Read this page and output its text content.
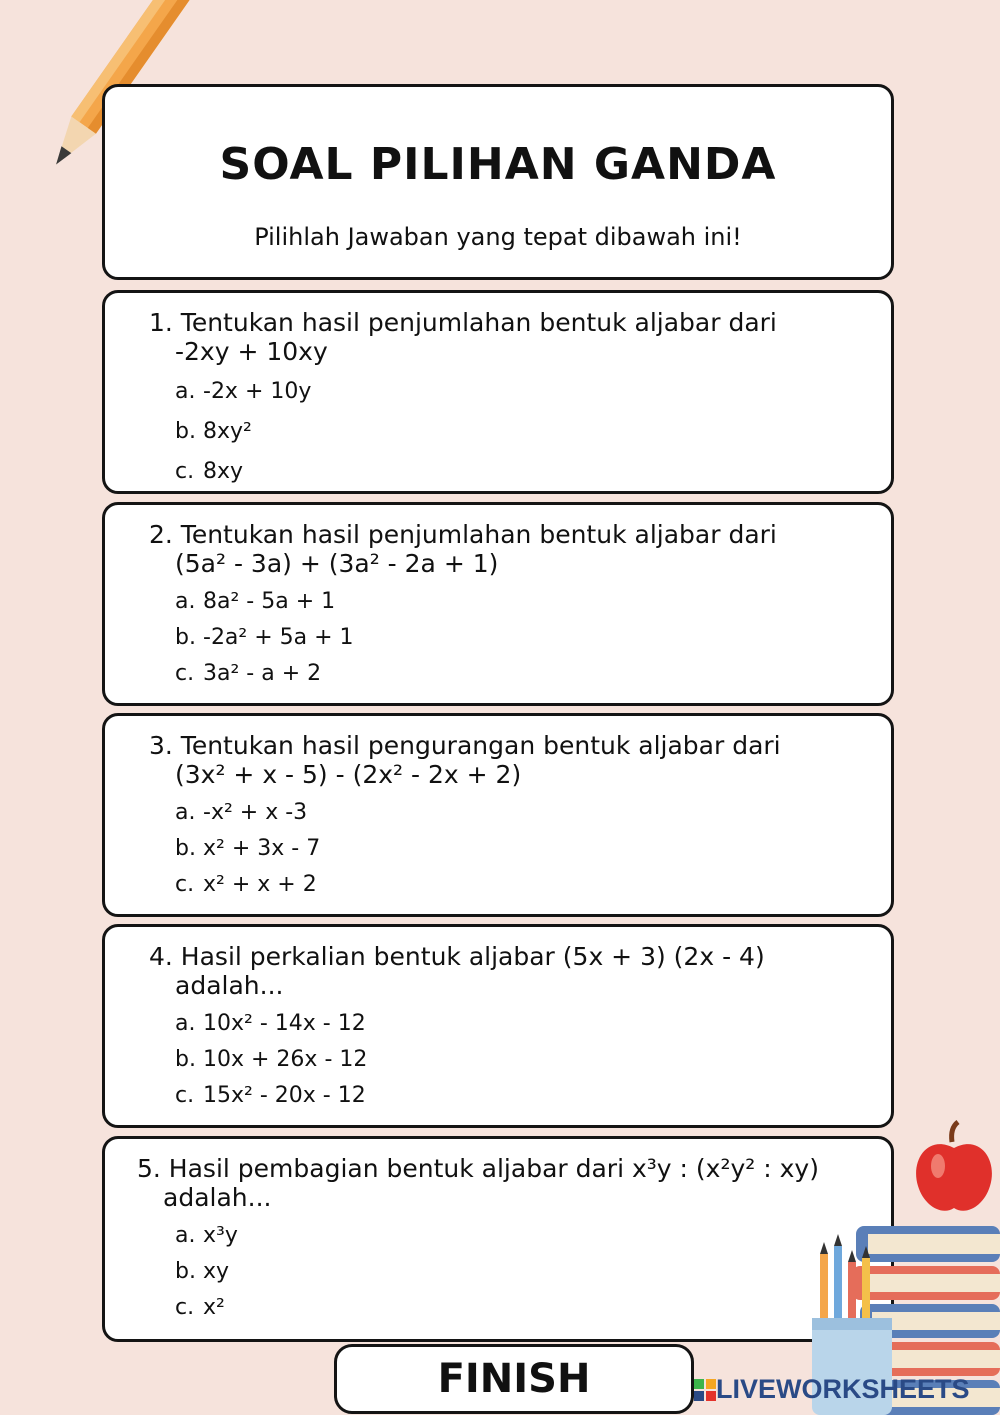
SOAL PILIHAN GANDA
Pilihlah Jawaban yang tepat dibawah ini!
1. Tentukan hasil penjumlahan bentuk aljabar dari
-2xy + 10xy
a. -2x + 10y
b. 8xy²
c. 8xy
2. Tentukan hasil penjumlahan bentuk aljabar dari
(5a² - 3a) + (3a² - 2a + 1)
a. 8a² - 5a + 1
b. -2a² + 5a + 1
c. 3a² - a + 2
3. Tentukan hasil pengurangan bentuk aljabar dari
(3x² + x - 5) - (2x² - 2x + 2)
a. -x² + x -3
b. x² + 3x - 7
c. x² + x + 2
4. Hasil perkalian bentuk aljabar (5x + 3) (2x - 4)
adalah...
a. 10x² - 14x - 12
b. 10x + 26x - 12
c. 15x² - 20x - 12
5. Hasil pembagian bentuk aljabar dari x³y : (x²y² : xy)
adalah...
a. x³y
b. xy
c. x²
FINISH	LIVEWORKSHEETS
